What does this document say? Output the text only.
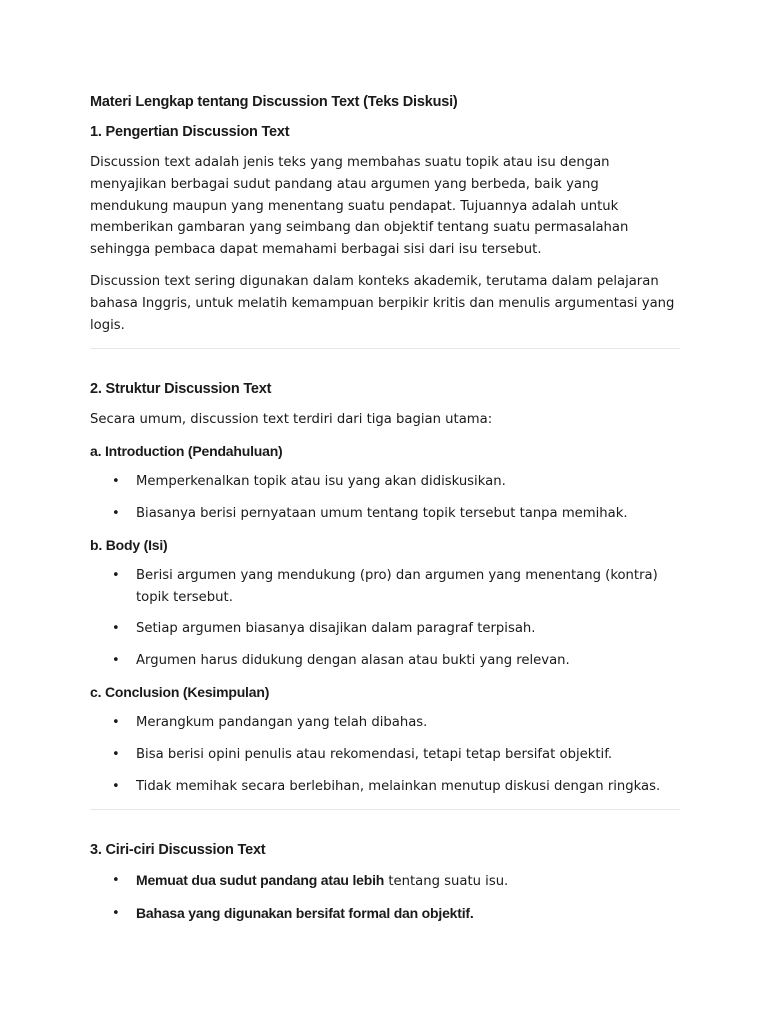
Materi Lengkap tentang Discussion Text (Teks Diskusi)
1. Pengertian Discussion Text

Discussion text adalah jenis teks yang membahas suatu topik atau isu dengan menyajikan berbagai sudut pandang atau argumen yang berbeda, baik yang mendukung maupun yang menentang suatu pendapat. Tujuannya adalah untuk memberikan gambaran yang seimbang dan objektif tentang suatu permasalahan sehingga pembaca dapat memahami berbagai sisi dari isu tersebut.

Discussion text sering digunakan dalam konteks akademik, terutama dalam pelajaran bahasa Inggris, untuk melatih kemampuan berpikir kritis dan menulis argumentasi yang logis.

2. Struktur Discussion Text

Secara umum, discussion text terdiri dari tiga bagian utama:

a. Introduction (Pendahuluan)
• Memperkenalkan topik atau isu yang akan didiskusikan.
• Biasanya berisi pernyataan umum tentang topik tersebut tanpa memihak.
b. Body (Isi)
• Berisi argumen yang mendukung (pro) dan argumen yang menentang (kontra) topik tersebut.
• Setiap argumen biasanya disajikan dalam paragraf terpisah.
• Argumen harus didukung dengan alasan atau bukti yang relevan.
c. Conclusion (Kesimpulan)
• Merangkum pandangan yang telah dibahas.
• Bisa berisi opini penulis atau rekomendasi, tetapi tetap bersifat objektif.
• Tidak memihak secara berlebihan, melainkan menutup diskusi dengan ringkas.
3. Ciri-ciri Discussion Text
• Memuat dua sudut pandang atau lebih tentang suatu isu.
• Bahasa yang digunakan bersifat formal dan objektif.
